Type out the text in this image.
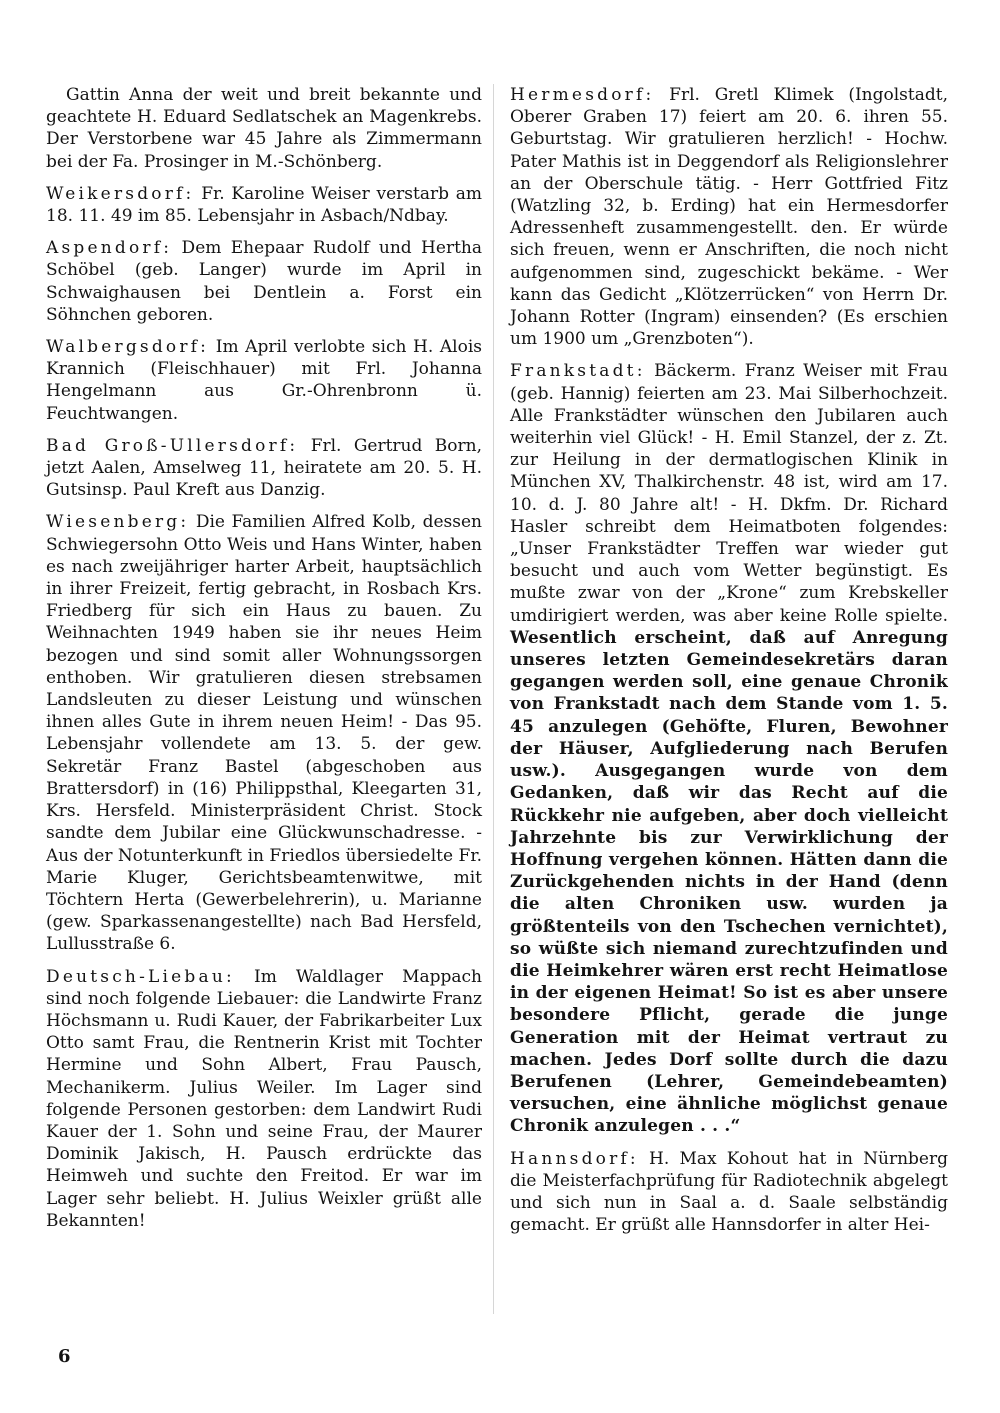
Gattin Anna der weit und breit bekannte und geachtete H. Eduard Sedlatschek an Magenkrebs. Der Verstorbene war 45 Jahre als Zimmermann bei der Fa. Prosinger in M.-Schönberg.

Weikersdorf: Fr. Karoline Weiser verstarb am 18. 11. 49 im 85. Lebensjahr in Asbach/Ndbay.

Aspendorf: Dem Ehepaar Rudolf und Hertha Schöbel (geb. Langer) wurde im April in Schwaighausen bei Dentlein a. Forst ein Söhnchen geboren.

Walbergsdorf: Im April verlobte sich H. Alois Krannich (Fleischhauer) mit Frl. Johanna Hengelmann aus Gr.-Ohrenbronn ü. Feuchtwangen.

Bad Groß-Ullersdorf: Frl. Gertrud Born, jetzt Aalen, Amselweg 11, heiratete am 20. 5. H. Gutsinsp. Paul Kreft aus Danzig.

Wiesenberg: Die Familien Alfred Kolb, dessen Schwiegersohn Otto Weis und Hans Winter, haben es nach zweijähriger harter Arbeit, hauptsächlich in ihrer Freizeit, fertig gebracht, in Rosbach Krs. Friedberg für sich ein Haus zu bauen. Zu Weihnachten 1949 haben sie ihr neues Heim bezogen und sind somit aller Wohnungssorgen enthoben. Wir gratulieren diesen strebsamen Landsleuten zu dieser Leistung und wünschen ihnen alles Gute in ihrem neuen Heim! - Das 95. Lebensjahr vollendete am 13. 5. der gew. Sekretär Franz Bastel (abgeschoben aus Brattersdorf) in (16) Philippsthal, Kleegarten 31, Krs. Hersfeld. Ministerpräsident Christ. Stock sandte dem Jubilar eine Glückwunschadresse. - Aus der Notunterkunft in Friedlos übersiedelte Fr. Marie Kluger, Gerichtsbeamtenwitwe, mit Töchtern Herta (Gewerbelehrerin), u. Marianne (gew. Sparkassenangestellte) nach Bad Hersfeld, Lullusstraße 6.

Deutsch-Liebau: Im Waldlager Mappach sind noch folgende Liebauer: die Landwirte Franz Höchsmann u. Rudi Kauer, der Fabrikarbeiter Lux Otto samt Frau, die Rentnerin Krist mit Tochter Hermine und Sohn Albert, Frau Pausch, Mechanikerm. Julius Weiler. Im Lager sind folgende Personen gestorben: dem Landwirt Rudi Kauer der 1. Sohn und seine Frau, der Maurer Dominik Jakisch, H. Pausch erdrückte das Heimweh und suchte den Freitod. Er war im Lager sehr beliebt. H. Julius Weixler grüßt alle Bekannten!

Hermesdorf: Frl. Gretl Klimek (Ingolstadt, Oberer Graben 17) feiert am 20. 6. ihren 55. Geburtstag. Wir gratulieren herzlich! - Hochw. Pater Mathis ist in Deggendorf als Religionslehrer an der Oberschule tätig. - Herr Gottfried Fitz (Watzling 32, b. Erding) hat ein Hermesdorfer Adressenheft zusammengestellt. den. Er würde sich freuen, wenn er Anschriften, die noch nicht aufgenommen sind, zugeschickt bekäme. - Wer kann das Gedicht „Klötzerrücken“ von Herrn Dr. Johann Rotter (Ingram) einsenden? (Es erschien um 1900 um „Grenzboten“).

Frankstadt: Bäckerm. Franz Weiser mit Frau (geb. Hannig) feierten am 23. Mai Silberhochzeit. Alle Frankstädter wünschen den Jubilaren auch weiterhin viel Glück! - H. Emil Stanzel, der z. Zt. zur Heilung in der dermatlogischen Klinik in München XV, Thalkirchenstr. 48 ist, wird am 17. 10. d. J. 80 Jahre alt! - H. Dkfm. Dr. Richard Hasler schreibt dem Heimatboten folgendes: „Unser Frankstädter Treffen war wieder gut besucht und auch vom Wetter begünstigt. Es mußte zwar von der „Krone“ zum Krebskeller umdirigiert werden, was aber keine Rolle spielte. Wesentlich erscheint, daß auf Anregung unseres letzten Gemeindesekretärs daran gegangen werden soll, eine genaue Chronik von Frankstadt nach dem Stande vom 1. 5. 45 anzulegen (Gehöfte, Fluren, Bewohner der Häuser, Aufgliederung nach Berufen usw.). Ausgegangen wurde von dem Gedanken, daß wir das Recht auf die Rückkehr nie aufgeben, aber doch vielleicht Jahrzehnte bis zur Verwirklichung der Hoffnung vergehen können. Hätten dann die Zurückgehenden nichts in der Hand (denn die alten Chroniken usw. wurden ja größtenteils von den Tschechen vernichtet), so wüßte sich niemand zurechtzufinden und die Heimkehrer wären erst recht Heimatlose in der eigenen Heimat! So ist es aber unsere besondere Pflicht, gerade die junge Generation mit der Heimat vertraut zu machen. Jedes Dorf sollte durch die dazu Berufenen (Lehrer, Gemeindebeamten) versuchen, eine ähnliche möglichst genaue Chronik anzulegen . . .“

Hannsdorf: H. Max Kohout hat in Nürnberg die Meisterfachprüfung für Radiotechnik abgelegt und sich nun in Saal a. d. Saale selbständig gemacht. Er grüßt alle Hannsdorfer in alter Hei-

6
